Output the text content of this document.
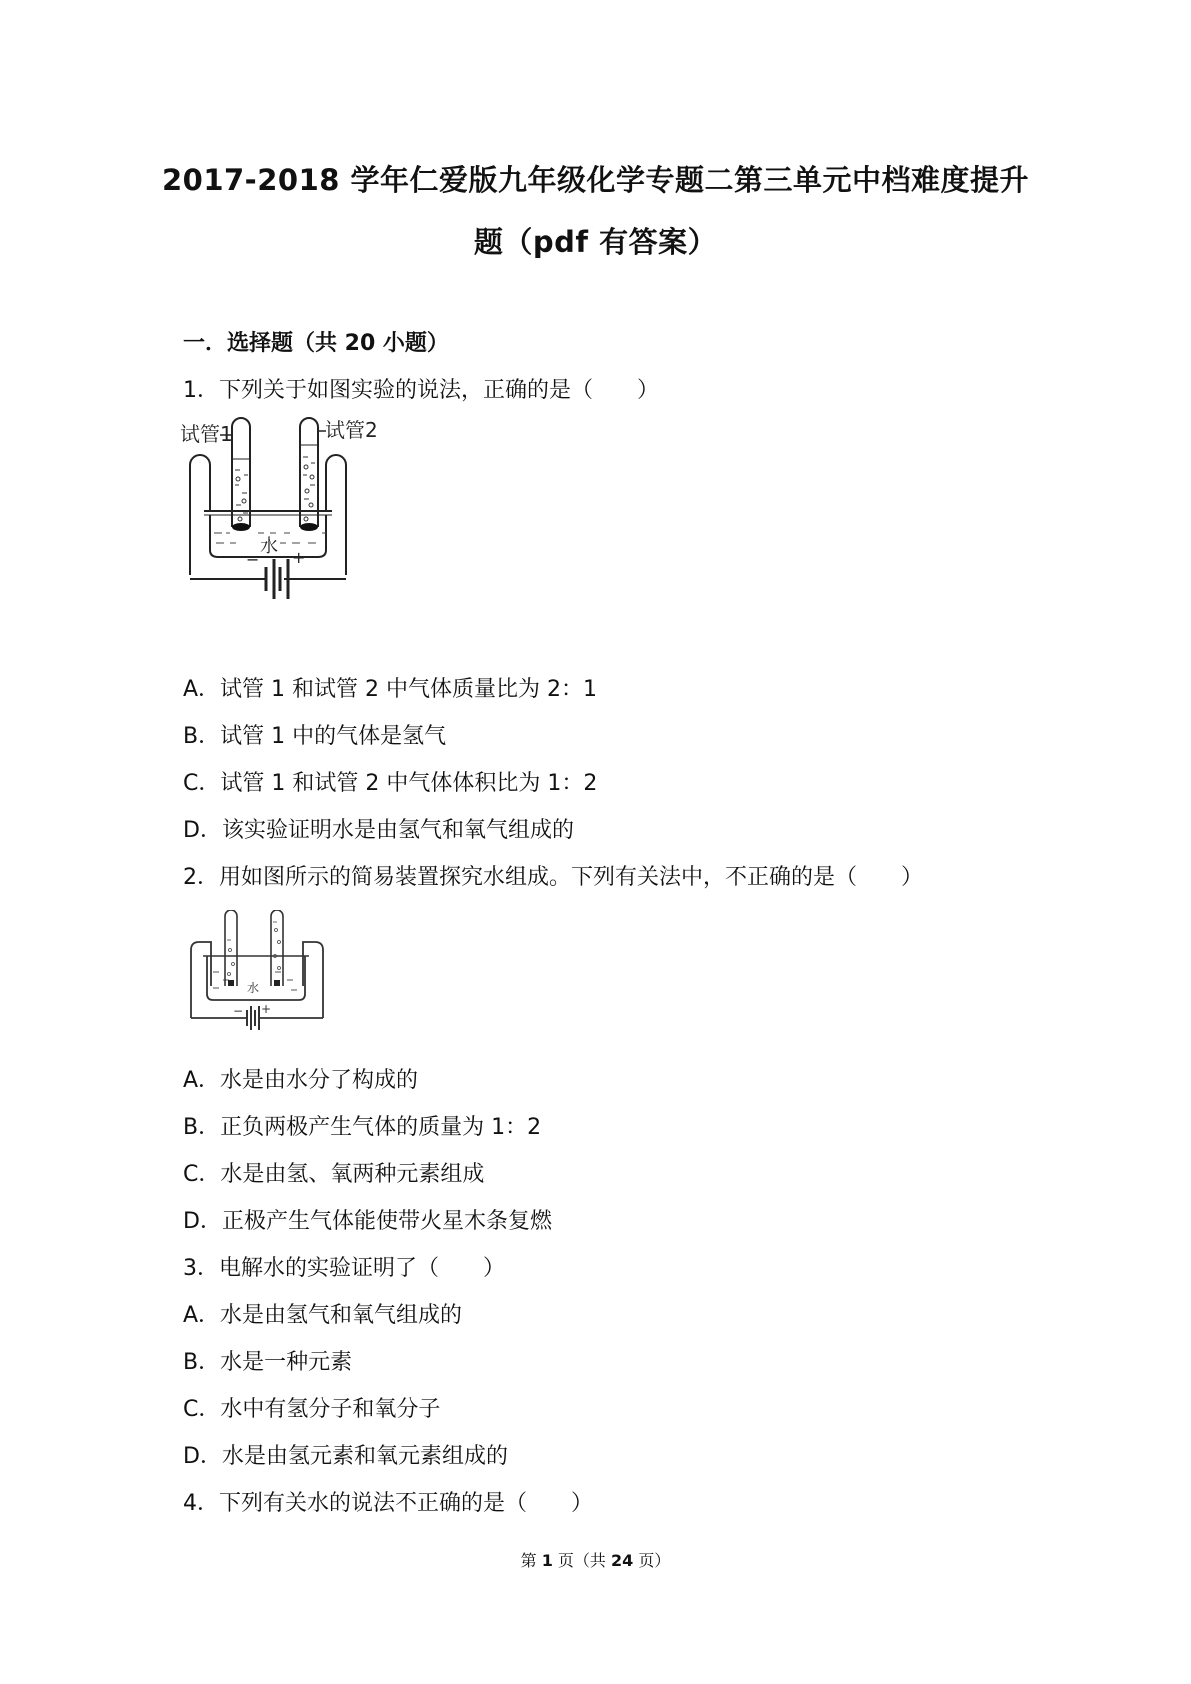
2017-2018 学年仁爱版九年级化学专题二第三单元中档难度提升
题（pdf 有答案）
一．选择题（共 20 小题）
1．下列关于如图实验的说法，正确的是（　　）
试管1	试管2
水
− +
A．试管 1 和试管 2 中气体质量比为 2：1
B．试管 1 中的气体是氢气
C．试管 1 和试管 2 中气体体积比为 1：2
D．该实验证明水是由氢气和氧气组成的
2．用如图所示的简易装置探究水组成。下列有关法中，不正确的是（　　）
− +
水
A．水是由水分了构成的
B．正负两极产生气体的质量为 1：2
C．水是由氢、氧两种元素组成
D．正极产生气体能使带火星木条复燃
3．电解水的实验证明了（　　）
A．水是由氢气和氧气组成的
B．水是一种元素
C．水中有氢分子和氧分子
D．水是由氢元素和氧元素组成的
4．下列有关水的说法不正确的是（　　）
第 1 页（共 24 页）
